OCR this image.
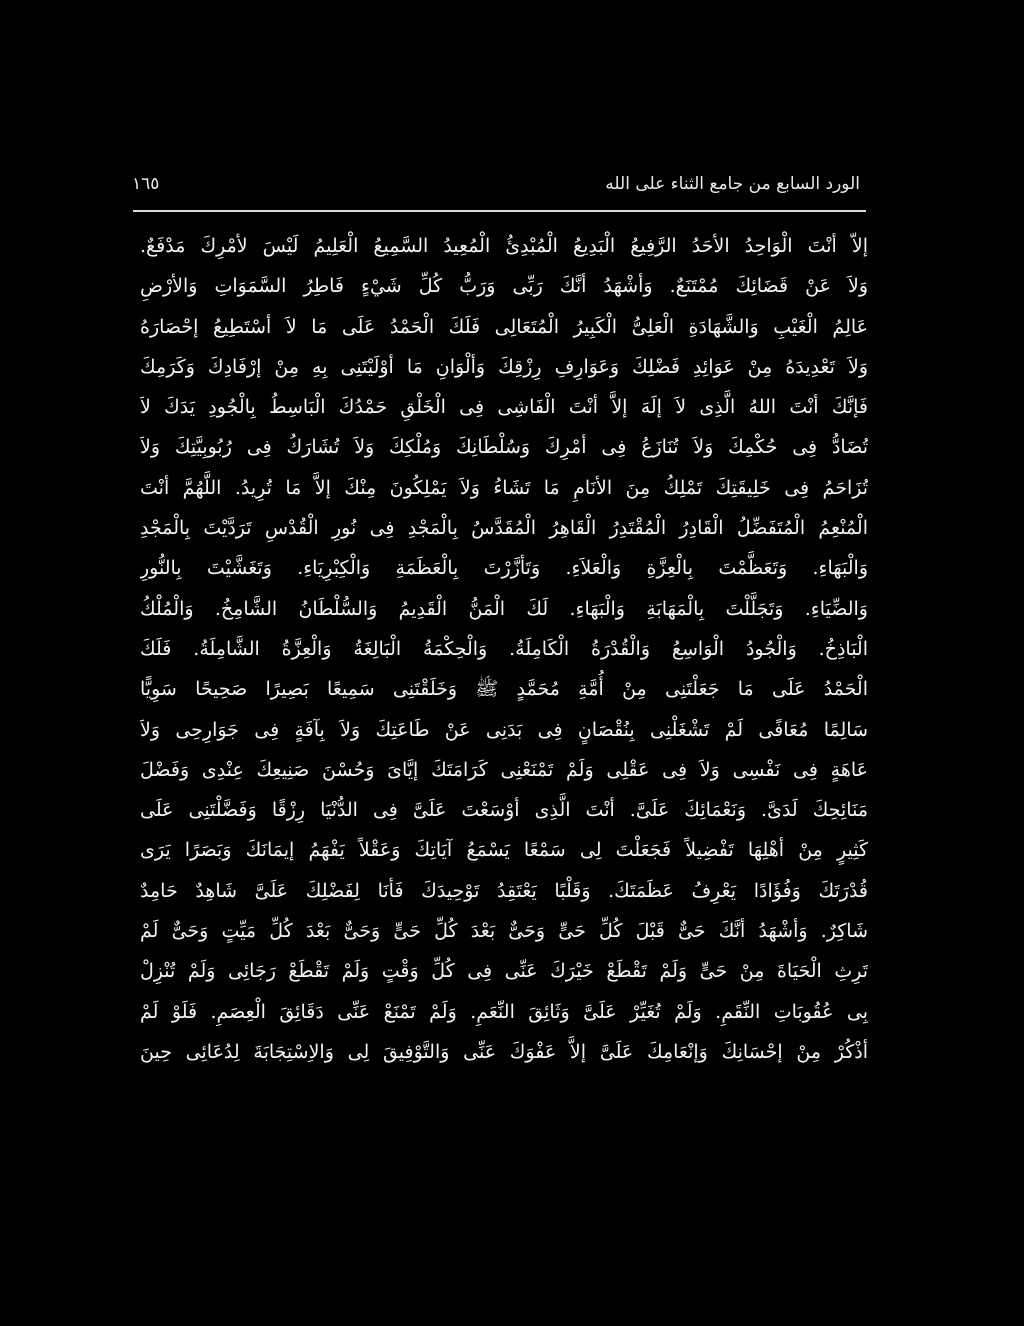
الورد السابع من جامع الثناء على الله
١٦٥
إلاّ أنْتَ الْوَاحِدُ الأحَدُ الرَّفِيعُ الْبَدِيعُ الْمُبْدِئُ الْمُعِيدُ السَّمِيعُ الْعَلِيمُ لَيْسَ لأمْرِكَ مَدْفَعٌ.
وَلاَ عَنْ قَضَائِكَ مُمْتَنَعٌ. وَأشْهَدُ أنَّكَ رَبِّى وَرَبُّ كُلِّ شَيْءٍ فَاطِرُ السَّمَوَاتِ وَالأرْضِ
عَالِمُ الْغَيْبِ وَالشَّهَادَةِ الْعَلِىُّ الْكَبِيرُ الْمُتَعَالِى فَلَكَ الْحَمْدُ عَلَى مَا لاَ أسْتَطِيعُ إحْصَارَهُ
وَلاَ تَعْدِيدَهُ مِنْ عَوَائِدِ فَضْلِكَ وَعَوَارِفِ رِزْقِكَ وَألْوَانِ مَا أوْلَيْتَنِى بِهِ مِنْ إرْفَادِكَ وَكَرَمِكَ
فَإنَّكَ أنْتَ اللهُ الَّذِى لاَ إلَهَ إلاَّ أنْتَ الْفَاشِى فِى الْخَلْقِ حَمْدُكَ الْبَاسِطُ بِالْجُودِ يَدَكَ لاَ
تُضَادُّ فِى حُكْمِكَ وَلاَ تُنَازَعُ فِى أمْرِكَ وَسُلْطَانِكَ وَمُلْكِكَ وَلاَ تُشَارَكُ فِى رُبُوبِيَّتِكَ وَلاَ
تُزَاحَمُ فِى خَلِيقَتِكَ تَمْلِكُ مِنَ الأنَامِ مَا تَشَاءُ وَلاَ يَمْلِكُونَ مِنْكَ إلاَّ مَا تُرِيدُ. اللَّهُمَّ أنْتَ
الْمُنْعِمُ الْمُتَفَضِّلُ الْقَادِرُ الْمُقْتَدِرُ الْقَاهِرُ الْمُقَدَّسُ بِالْمَجْدِ فِى نُورِ الْقُدْسِ تَرَدَّيْتَ بِالْمَجْدِ
وَالْبَهَاءِ. وَتَعَظَّمْتَ بِالْعِزَّةِ وَالْعَلاَءِ. وَتَأزَّرْتَ بِالْعَظَمَةِ وَالْكِبْرِيَاءِ. وَتَغَشَّيْتَ بِالنُّورِ
وَالضِّيَاءِ. وَتَجَلَّلْتَ بِالْمَهَابَةِ وَالْبَهَاءِ. لَكَ الْمَنُّ الْقَدِيمُ وَالسُّلْطَانُ الشَّامِخُ. وَالْمُلْكُ
الْبَاذِخُ. وَالْجُودُ الْوَاسِعُ وَالْقُدْرَةُ الْكَامِلَةُ. وَالْحِكْمَةُ الْبَالِغَةُ وَالْعِزَّةُ الشَّامِلَةُ. فَلَكَ
الْحَمْدُ عَلَى مَا جَعَلْتَنِى مِنْ أُمَّةِ مُحَمَّدٍ ﷺ وَخَلَقْتَنِى سَمِيعًا بَصِيرًا صَحِيحًا سَوِيًّا
سَالِمًا مُعَافًى لَمْ تَشْغَلْنِى بِنُقْصَانٍ فِى بَدَنِى عَنْ طَاعَتِكَ وَلاَ بِآفَةٍ فِى جَوَارِحِى وَلاَ
عَاهَةٍ فِى نَفْسِى وَلاَ فِى عَقْلِى وَلَمْ تَمْنَعْنِى كَرَامَتَكَ إيَّاىَ وَحُسْنَ صَنِيعِكَ عِنْدِى وَفَضْلَ
مَنَائِحِكَ لَدَىَّ. وَنَعْمَائِكَ عَلَىَّ. أنْتَ الَّذِى أوْسَعْتَ عَلَىَّ فِى الدُّنْيَا رِزْقًا وَفَضَّلْتَنِى عَلَى
كَثِيرٍ مِنْ أهْلِهَا تَفْضِيلاً فَجَعَلْتَ لِى سَمْعًا يَسْمَعُ آيَاتِكَ وَعَقْلاً يَفْهَمُ إيمَانَكَ وَبَصَرًا يَرَى
قُدْرَتَكَ وَفُؤَادًا يَعْرِفُ عَظَمَتَكَ. وَقَلْبًا يَعْتَقِدُ تَوْحِيدَكَ فَأنَا لِفَضْلِكَ عَلَىَّ شَاهِدٌ حَامِدٌ
شَاكِرٌ. وَأشْهَدُ أنَّكَ حَىٌّ قَبْلَ كُلِّ حَىٍّ وَحَىٌّ بَعْدَ كُلِّ حَىٍّ وَحَىٌّ بَعْدَ كُلِّ مَيِّتٍ وَحَىٌّ لَمْ
تَرِثِ الْحَيَاةَ مِنْ حَىٍّ وَلَمْ تَقْطَعْ خَيْرَكَ عَنِّى فِى كُلِّ وَقْتٍ وَلَمْ تَقْطَعْ رَجَائِى وَلَمْ تُنْزِلْ
بِى عُقُوبَاتِ النِّقَمِ. وَلَمْ تُغَيِّرْ عَلَىَّ وَثَائِقَ النِّعَمِ. وَلَمْ تَمْنَعْ عَنِّى دَقَائِقَ الْعِصَمِ. فَلَوْ لَمْ
أذْكُرْ مِنْ إحْسَانِكَ وَإنْعَامِكَ عَلَىَّ إلاَّ عَفْوَكَ عَنِّى وَالتَّوْفِيقَ لِى وَالاِسْتِجَابَةَ لِدُعَائِى حِينَ
